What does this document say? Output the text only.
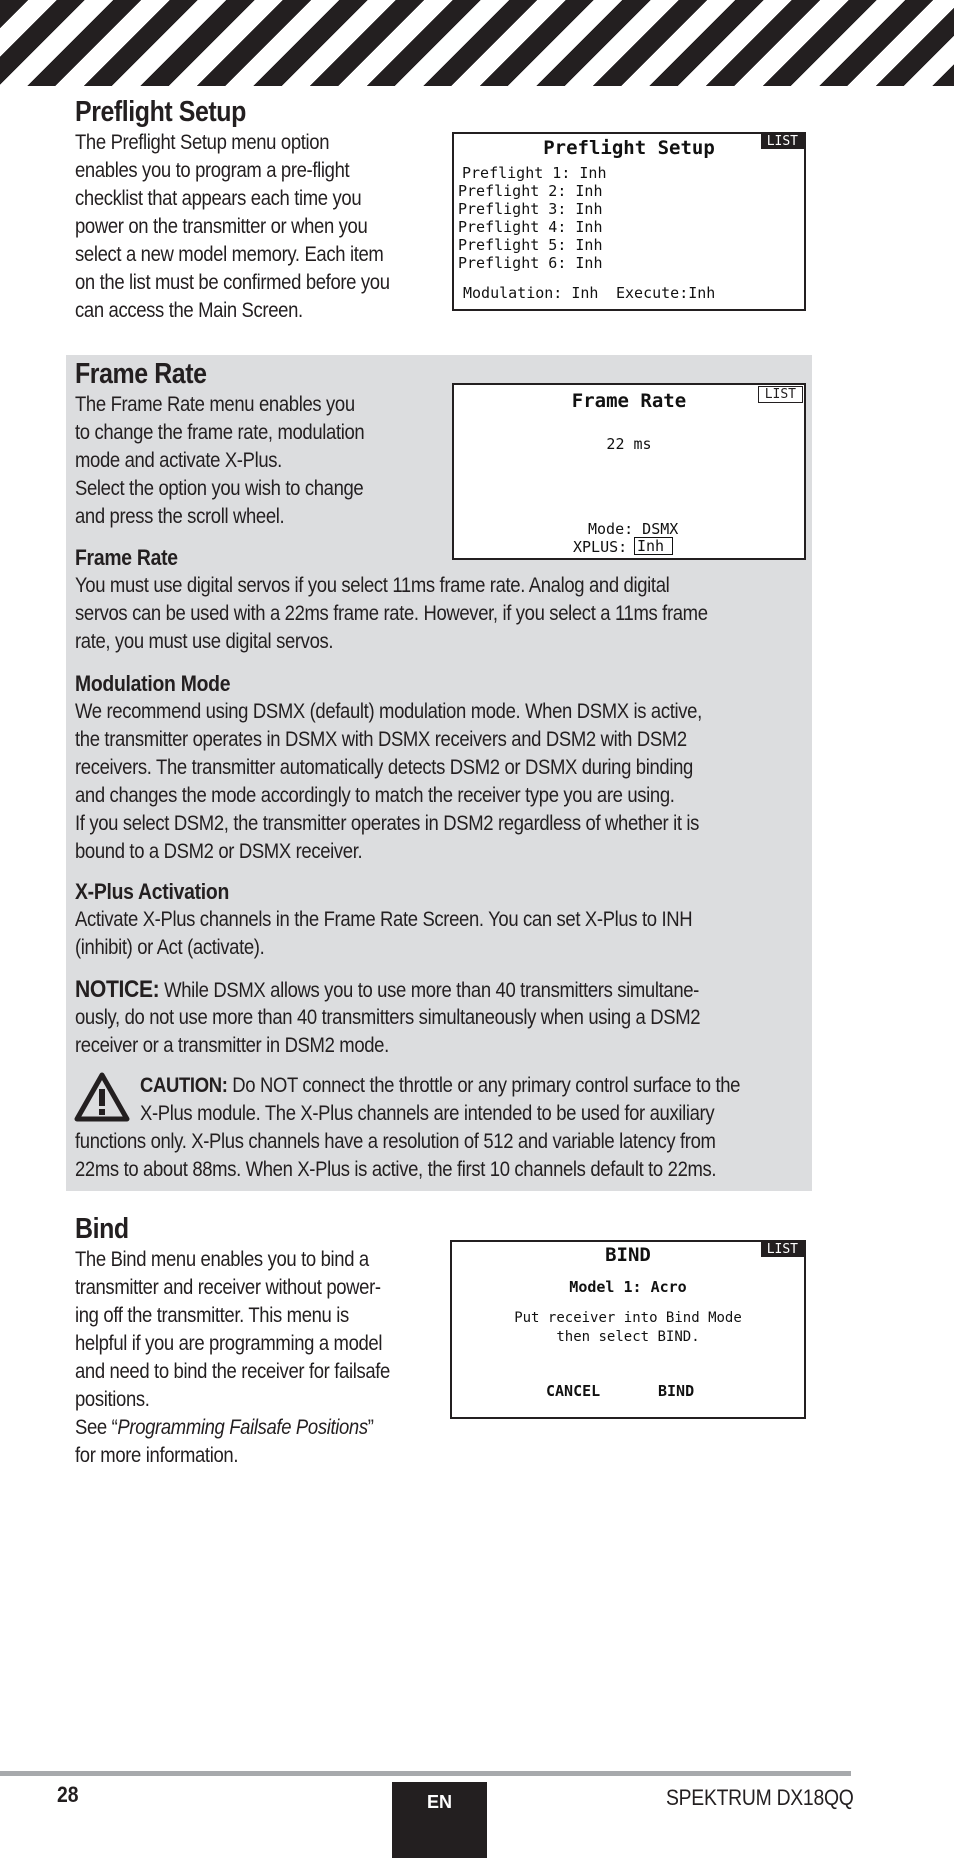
Preflight Setup

The Preflight Setup menu option
enables you to program a pre-flight
checklist that appears each time you
power on the transmitter or when you
select a new model memory. Each item
on the list must be confirmed before you
can access the Main Screen.

LIST
Preflight Setup
Preflight 1: Inh
Preflight 2: Inh
Preflight 3: Inh
Preflight 4: Inh
Preflight 5: Inh
Preflight 6: Inh
Modulation: Inh Execute:Inh
Frame Rate

The Frame Rate menu enables you
to change the frame rate, modulation
mode and activate X-Plus.
Select the option you wish to change
and press the scroll wheel.

LIST
Frame Rate
22 ms
Mode: DSMX
XPLUS: Inh
Frame Rate

You must use digital servos if you select 11ms frame rate. Analog and digital
servos can be used with a 22ms frame rate. However, if you select a 11ms frame
rate, you must use digital servos.

Modulation Mode

We recommend using DSMX (default) modulation mode. When DSMX is active,
the transmitter operates in DSMX with DSMX receivers and DSM2 with DSM2
receivers. The transmitter automatically detects DSM2 or DSMX during binding
and changes the mode accordingly to match the receiver type you are using.
If you select DSM2, the transmitter operates in DSM2 regardless of whether it is
bound to a DSM2 or DSMX receiver.

X-Plus Activation

Activate X-Plus channels in the Frame Rate Screen. You can set X-Plus to INH
(inhibit) or Act (activate).

NOTICE: While DSMX allows you to use more than 40 transmitters simultane-

ously, do not use more than 40 transmitters simultaneously when using a DSM2
receiver or a transmitter in DSM2 mode.

CAUTION: Do NOT connect the throttle or any primary control surface to the

X-Plus module. The X-Plus channels are intended to be used for auxiliary

functions only. X-Plus channels have a resolution of 512 and variable latency from
22ms to about 88ms. When X-Plus is active, the first 10 channels default to 22ms.

Bind

The Bind menu enables you to bind a
transmitter and receiver without power-
ing off the transmitter. This menu is
helpful if you are programming a model
and need to bind the receiver for failsafe
positions.

See “Programming Failsafe Positions”

for more information.

LIST
BIND
Model 1: Acro
Put receiver into Bind Mode
then select BIND.
CANCEL	BIND
28	EN	SPEKTRUM DX18QQ
